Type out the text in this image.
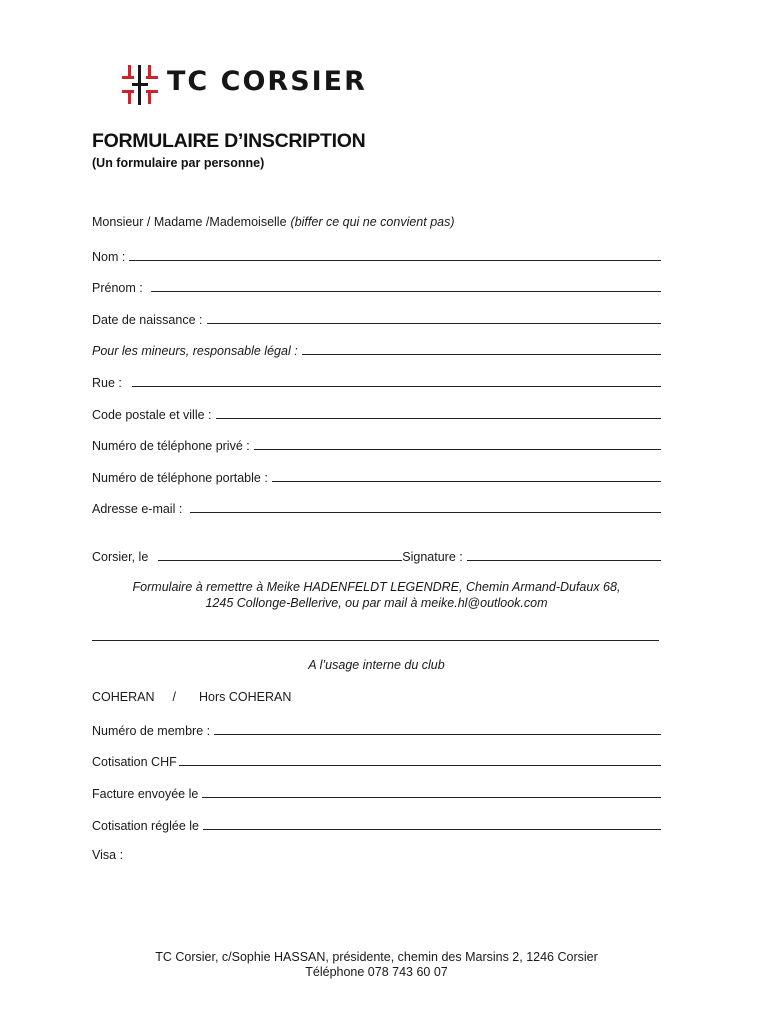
TC CORSIER
FORMULAIRE D’INSCRIPTION
(Un formulaire par personne)
Monsieur / Madame /Mademoiselle (biffer ce qui ne convient pas)
Nom :
Prénom :
Date de naissance :
Pour les mineurs, responsable légal :
Rue :
Code postale et ville :
Numéro de téléphone privé :
Numéro de téléphone portable :
Adresse e-mail :
Corsier, le	Signature :
Formulaire à remettre à Meike HADENFELDT LEGENDRE, Chemin Armand-Dufaux 68,
1245 Collonge-Bellerive, ou par mail à meike.hl@outlook.com
A l’usage interne du club
COHERAN / Hors COHERAN
Numéro de membre :
Cotisation CHF
Facture envoyée le
Cotisation réglée le
Visa :
TC Corsier, c/Sophie HASSAN, présidente, chemin des Marsins 2, 1246 Corsier
Téléphone 078 743 60 07
